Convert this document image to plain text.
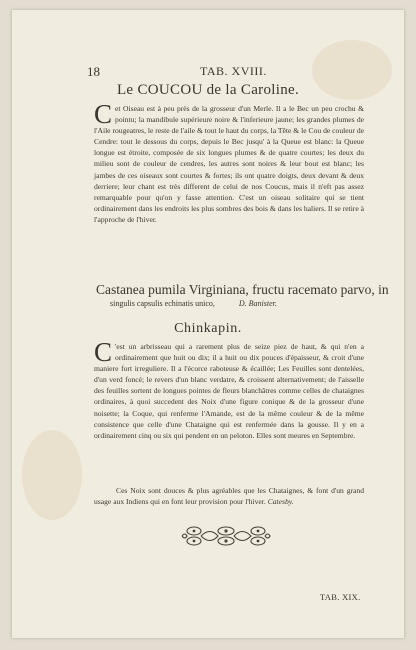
18	TAB. XVIII.
Le COUCOU de la Caroline.
Cet Oiseau est à peu près de la grosseur d'un Merle. Il a le Bec un peu crochu & pointu; la mandibule supérieure noire & l'inferieure jaune; les grandes plumes de l'Aile rougeatres, le reste de l'aile & tout le haut du corps, la Tête & le Cou de couleur de Cendre: tout le dessous du corps, depuis le Bec jusqu' à la Queue est blanc: la Queue longue est étroite, composée de six longues plumes & de quatre courtes; les deux du milieu sont de couleur de cendres, les autres sont noires & leur bout est blanc; les jambes de ces oiseaux sont courtes & fortes; ils ont quatre doigts, deux devant & deux derriere; leur chant est très different de celui de nos Coucus, mais il n'eft pas assez remarquable pour qu'on y fasse attention. C'est un oiseau solitaire qui se tient ordinairement dans les endroits les plus sombres des bois & dans les haliers. Il se retire à l'approche de l'hiver.
Castanea pumila Virginiana, fructu racemato parvo, in
singulis capsulis echinatis unico,	D. Banister.
Chinkapin.
C 'est un arbrisseau qui a rarement plus de seize piez de haut, & qui n'en a ordinairement que huit ou dix; il a huit ou dix pouces d'épaisseur, & croit d'une maniere fort irreguliere. Il a l'écorce raboteuse & écaillée; Les Feuilles sont dentelées, d'un verd foncé; le revers d'un blanc verdatre, & croissent alternativement; de l'aisselle des feuilles sortent de longues pointes de fleurs blanchâtres comme celles de chataignes ordinaires, à quoi succedent des Noix d'une figure conique & de la grosseur d'une noisette; la Coque, qui renferme l'Amande, est de la même couleur & de la même consistence que celle d'une Chataigne qui est renfermée dans la gousse. Il y en a ordinairement cinq ou six qui pendent en un peloton. Elles sont meures en Septembre.
Ces Noix sont douces & plus agréables que les Chataignes, & font d'un grand usage aux Indiens qui en font leur provision pour l'hiver. Catesby.
TAB. XIX.
